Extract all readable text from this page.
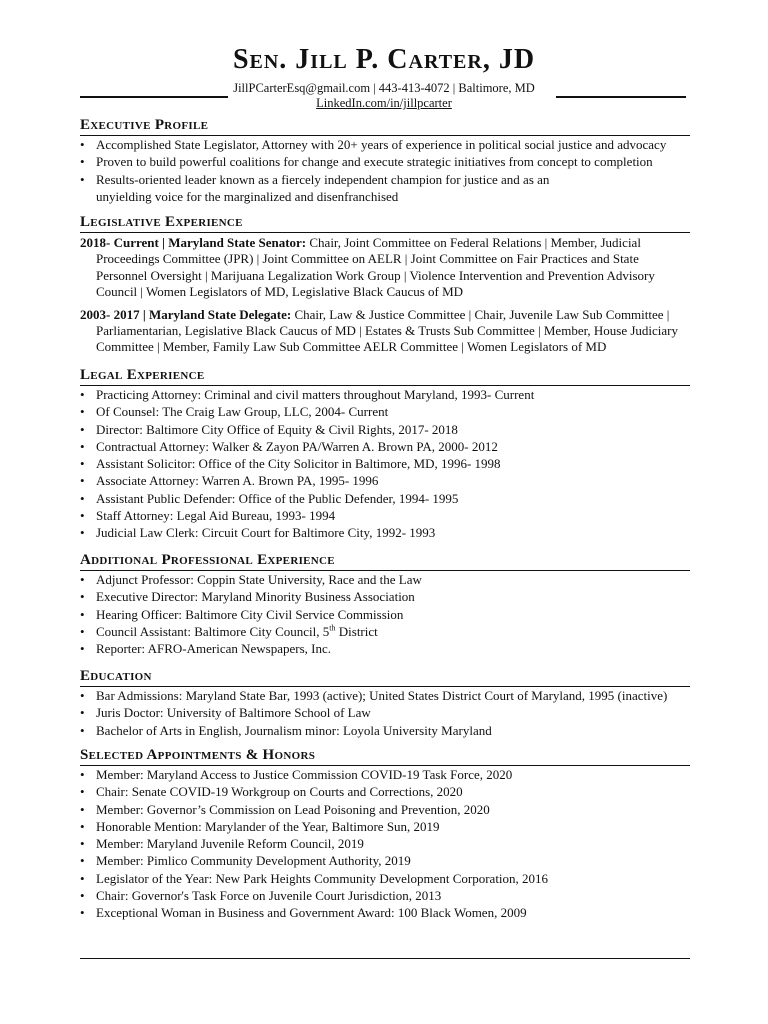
Sen. Jill P. Carter, JD
JillPCarterEsq@gmail.com | 443-413-4072 | Baltimore, MD
LinkedIn.com/in/jillpcarter
Executive Profile
• Accomplished State Legislator, Attorney with 20+ years of experience in political social justice and advocacy
• Proven to build powerful coalitions for change and execute strategic initiatives from concept to completion
• Results-oriented leader known as a fiercely independent champion for justice and as an unyielding voice for the marginalized and disenfranchised
Legislative Experience
2018- Current | Maryland State Senator: Chair, Joint Committee on Federal Relations | Member, Judicial Proceedings Committee (JPR) | Joint Committee on AELR | Joint Committee on Fair Practices and State Personnel Oversight | Marijuana Legalization Work Group | Violence Intervention and Prevention Advisory Council | Women Legislators of MD, Legislative Black Caucus of MD
2003- 2017 | Maryland State Delegate: Chair, Law & Justice Committee | Chair, Juvenile Law Sub Committee | Parliamentarian, Legislative Black Caucus of MD | Estates & Trusts Sub Committee | Member, House Judiciary Committee | Member, Family Law Sub Committee AELR Committee | Women Legislators of MD
Legal Experience
• Practicing Attorney: Criminal and civil matters throughout Maryland, 1993- Current
• Of Counsel: The Craig Law Group, LLC, 2004- Current
• Director: Baltimore City Office of Equity & Civil Rights, 2017- 2018
• Contractual Attorney: Walker & Zayon PA/Warren A. Brown PA, 2000- 2012
• Assistant Solicitor: Office of the City Solicitor in Baltimore, MD, 1996- 1998
• Associate Attorney: Warren A. Brown PA, 1995- 1996
• Assistant Public Defender: Office of the Public Defender, 1994- 1995
• Staff Attorney: Legal Aid Bureau, 1993- 1994
• Judicial Law Clerk: Circuit Court for Baltimore City, 1992- 1993
Additional Professional Experience
• Adjunct Professor: Coppin State University, Race and the Law
• Executive Director: Maryland Minority Business Association
• Hearing Officer: Baltimore City Civil Service Commission
• Council Assistant: Baltimore City Council, 5th District
• Reporter: AFRO-American Newspapers, Inc.
Education
• Bar Admissions: Maryland State Bar, 1993 (active); United States District Court of Maryland, 1995 (inactive)
• Juris Doctor: University of Baltimore School of Law
• Bachelor of Arts in English, Journalism minor: Loyola University Maryland
Selected Appointments & Honors
• Member: Maryland Access to Justice Commission COVID-19 Task Force, 2020
• Chair: Senate COVID-19 Workgroup on Courts and Corrections, 2020
• Member: Governor’s Commission on Lead Poisoning and Prevention, 2020
• Honorable Mention: Marylander of the Year, Baltimore Sun, 2019
• Member: Maryland Juvenile Reform Council, 2019
• Member: Pimlico Community Development Authority, 2019
• Legislator of the Year: New Park Heights Community Development Corporation, 2016
• Chair: Governor's Task Force on Juvenile Court Jurisdiction, 2013
• Exceptional Woman in Business and Government Award: 100 Black Women, 2009
